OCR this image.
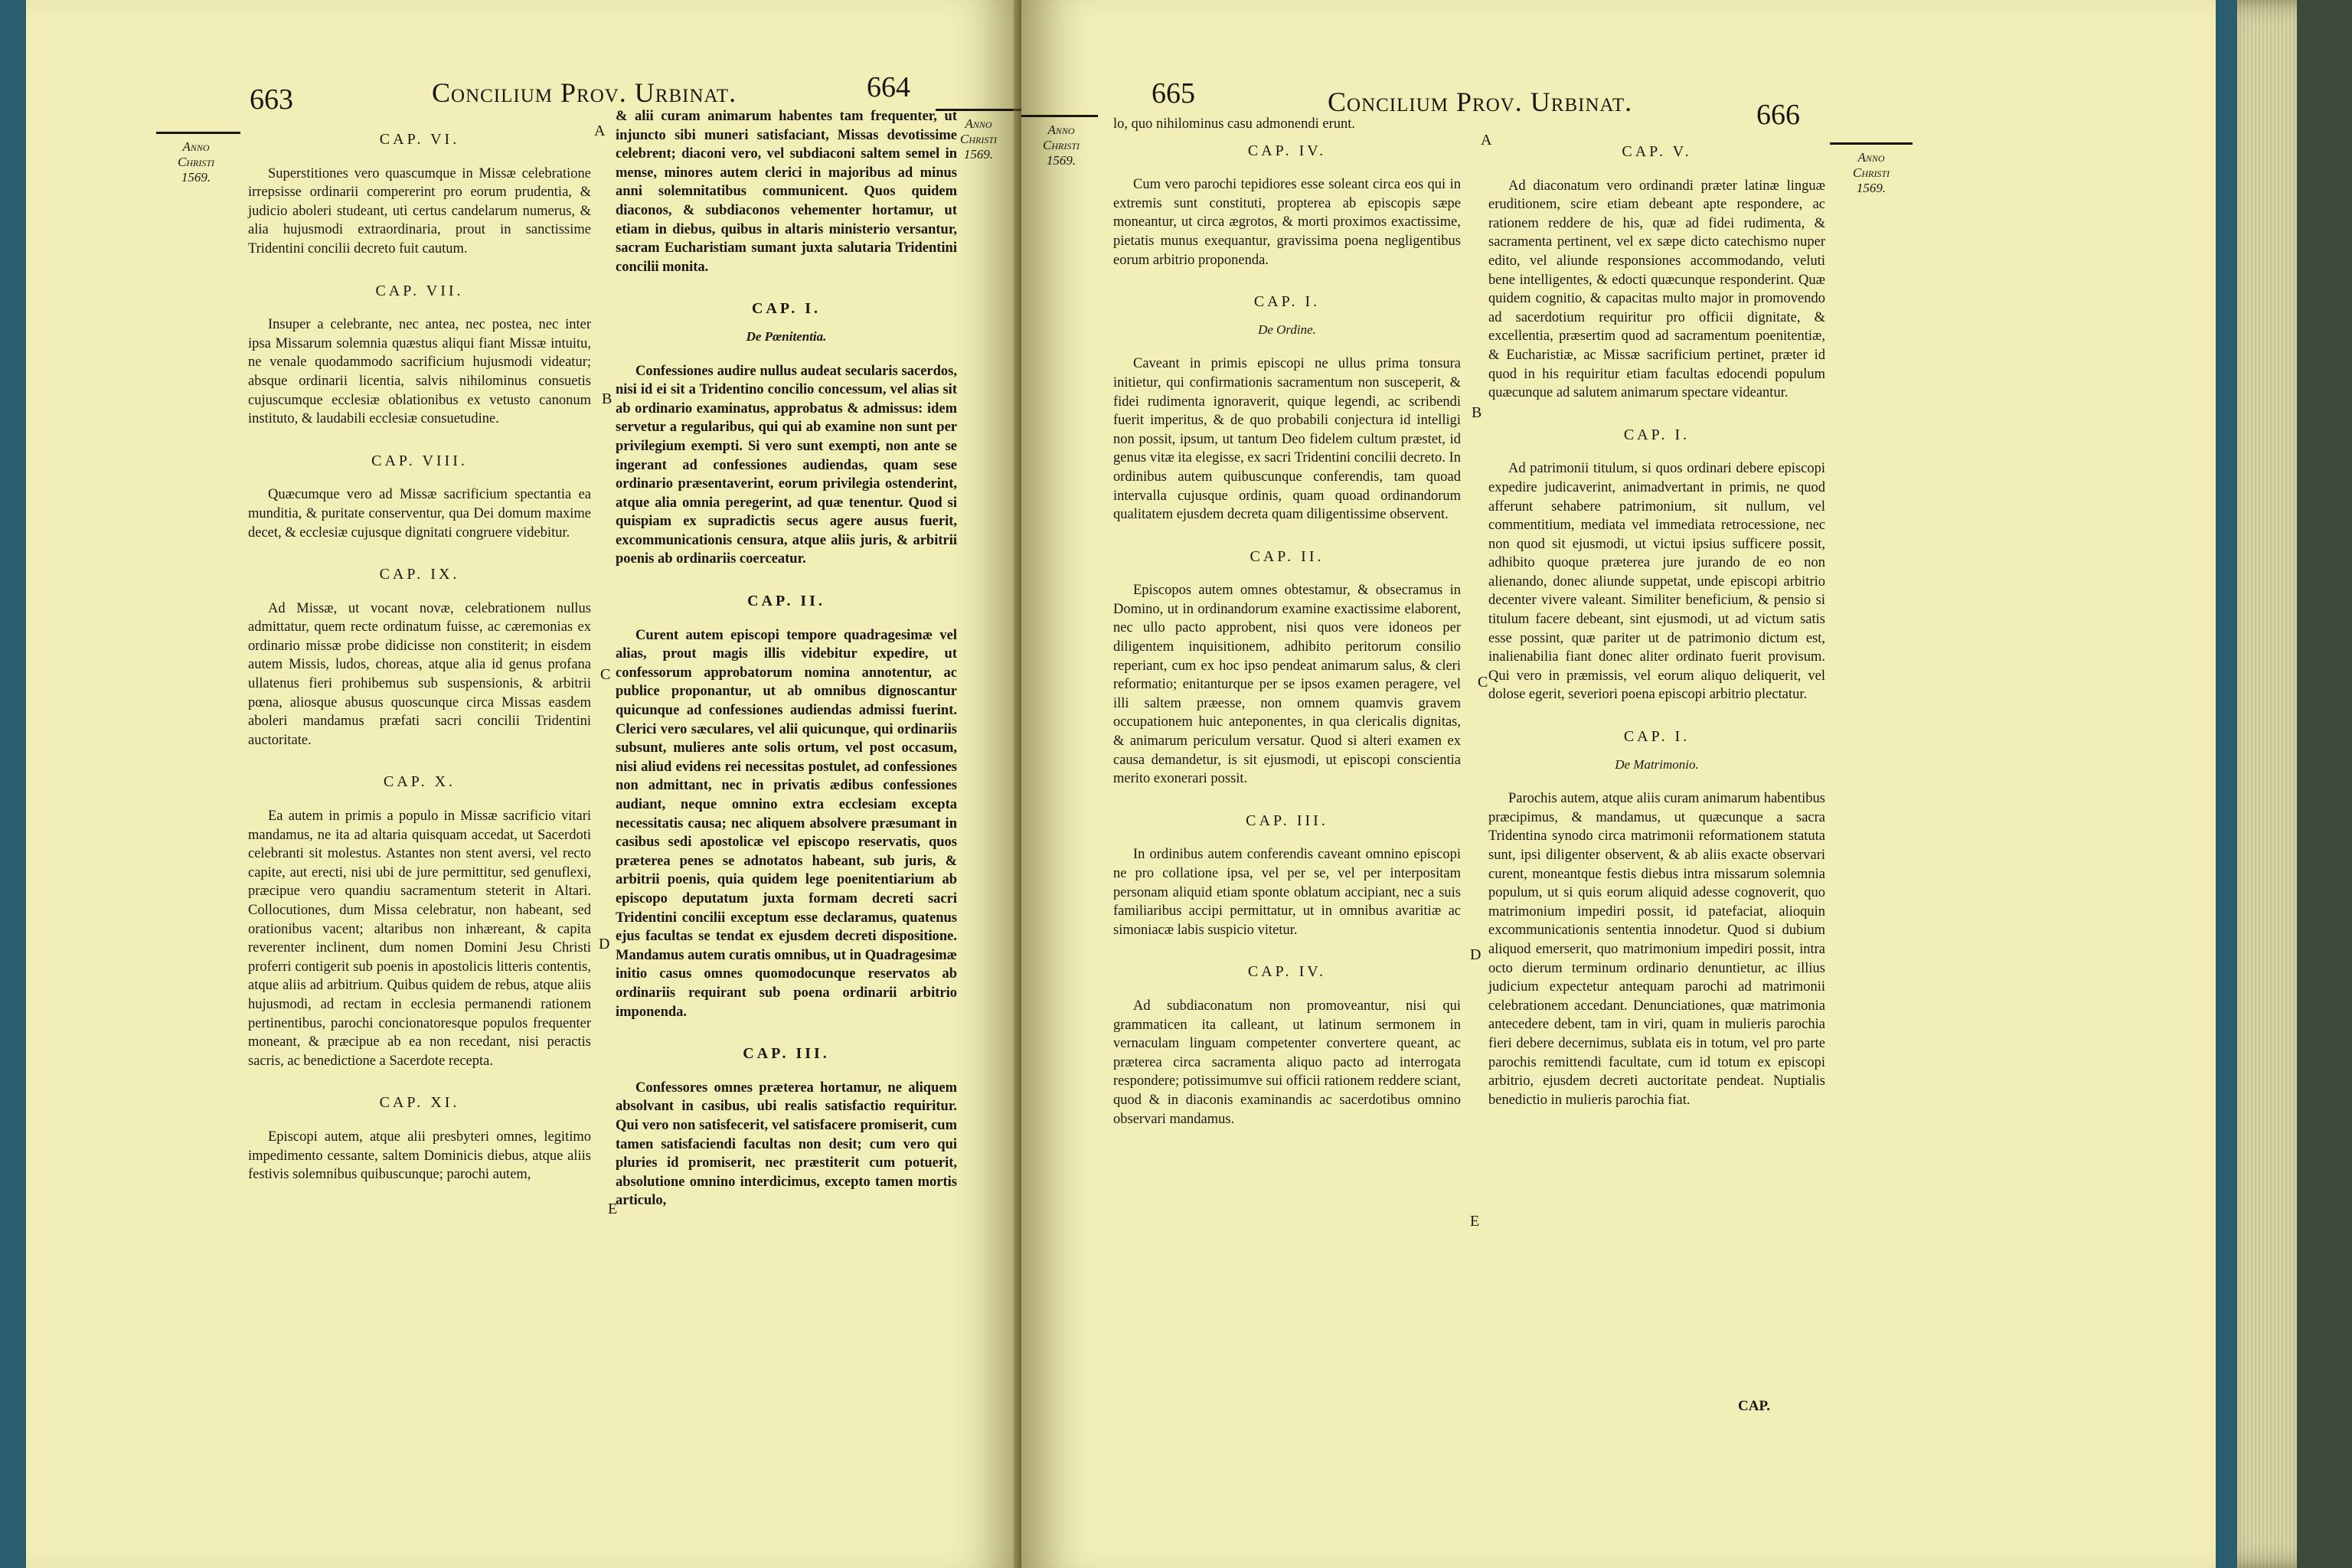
663	Concilium Prov. Urbinat.	664
Anno
Christi
1569.
Anno
Christi
1569.
A
B
C
D
E

CAP. VI.

Superstitiones vero quascumque in Missæ celebratione irrepsisse ordinarii compererint pro eorum prudentia, & judicio aboleri studeant, uti certus candelarum numerus, & alia hujusmodi extraordinaria, prout in sanctissime Tridentini concilii decreto fuit cautum.

CAP. VII.

Insuper a celebrante, nec antea, nec postea, nec inter ipsa Missarum solemnia quæstus aliqui fiant Missæ intuitu, ne venale quodammodo sacrificium hujusmodi videatur; absque ordinarii licentia, salvis nihilominus consuetis cujuscumque ecclesiæ oblationibus ex vetusto canonum instituto, & laudabili ecclesiæ consuetudine.

CAP. VIII.

Quæcumque vero ad Missæ sacrificium spectantia ea munditia, & puritate conserventur, qua Dei domum maxime decet, & ecclesiæ cujusque dignitati congruere videbitur.

CAP. IX.

Ad Missæ, ut vocant novæ, celebrationem nullus admittatur, quem recte ordinatum fuisse, ac cæremonias ex ordinario missæ probe didicisse non constiterit; in eisdem autem Missis, ludos, choreas, atque alia id genus profana ullatenus fieri prohibemus sub suspensionis, & arbitrii pœna, aliosque abusus quoscunque circa Missas easdem aboleri mandamus præfati sacri concilii Tridentini auctoritate.

CAP. X.

Ea autem in primis a populo in Missæ sacrificio vitari mandamus, ne ita ad altaria quisquam accedat, ut Sacerdoti celebranti sit molestus. Astantes non stent aversi, vel recto capite, aut erecti, nisi ubi de jure permittitur, sed genuflexi, præcipue vero quandiu sacramentum steterit in Altari. Collocutiones, dum Missa celebratur, non habeant, sed orationibus vacent; altaribus non inhæreant, & capita reverenter inclinent, dum nomen Domini Jesu Christi proferri contigerit sub poenis in apostolicis litteris contentis, atque aliis ad arbitrium. Quibus quidem de rebus, atque aliis hujusmodi, ad rectam in ecclesia permanendi rationem pertinentibus, parochi concionatoresque populos frequenter moneant, & præcipue ab ea non recedant, nisi peractis sacris, ac benedictione a Sacerdote recepta.

CAP. XI.

Episcopi autem, atque alii presbyteri omnes, legitimo impedimento cessante, saltem Dominicis diebus, atque aliis festivis solemnibus quibuscunque; parochi autem,

& alii curam animarum habentes tam frequenter, ut injuncto sibi muneri satisfaciant, Missas devotissime celebrent; diaconi vero, vel subdiaconi saltem semel in mense, minores autem clerici in majoribus ad minus anni solemnitatibus communicent. Quos quidem diaconos, & subdiaconos vehementer hortamur, ut etiam in diebus, quibus in altaris ministerio versantur, sacram Eucharistiam sumant juxta salutaria Tridentini concilii monita.

CAP. I.

De Pœnitentia.

Confessiones audire nullus audeat secularis sacerdos, nisi id ei sit a Tridentino concilio concessum, vel alias sit ab ordinario examinatus, approbatus & admissus: idem servetur a regularibus, qui qui ab examine non sunt per privilegium exempti. Si vero sunt exempti, non ante se ingerant ad confessiones audiendas, quam sese ordinario præsentaverint, eorum privilegia ostenderint, atque alia omnia peregerint, ad quæ tenentur. Quod si quispiam ex supradictis secus agere ausus fuerit, excommunicationis censura, atque aliis juris, & arbitrii poenis ab ordinariis coerceatur.

CAP. II.

Curent autem episcopi tempore quadragesimæ vel alias, prout magis illis videbitur expedire, ut confessorum approbatorum nomina annotentur, ac publice proponantur, ut ab omnibus dignoscantur quicunque ad confessiones audiendas admissi fuerint. Clerici vero sæculares, vel alii quicunque, qui ordinariis subsunt, mulieres ante solis ortum, vel post occasum, nisi aliud evidens rei necessitas postulet, ad confessiones non admittant, nec in privatis ædibus confessiones audiant, neque omnino extra ecclesiam excepta necessitatis causa; nec aliquem absolvere præsumant in casibus sedi apostolicæ vel episcopo reservatis, quos præterea penes se adnotatos habeant, sub juris, & arbitrii poenis, quia quidem lege poenitentiarium ab episcopo deputatum juxta formam decreti sacri Tridentini concilii exceptum esse declaramus, quatenus ejus facultas se tendat ex ejusdem decreti dispositione. Mandamus autem curatis omnibus, ut in Quadragesimæ initio casus omnes quomodocunque reservatos ab ordinariis requirant sub poena ordinarii arbitrio imponenda.

CAP. III.

Confessores omnes præterea hortamur, ne aliquem absolvant in casibus, ubi realis satisfactio requiritur. Qui vero non satisfecerit, vel satisfacere promiserit, cum tamen satisfaciendi facultas non desit; cum vero qui pluries id promiserit, nec præstiterit cum potuerit, absolutione omnino interdicimus, excepto tamen mortis articulo,

665	Concilium Prov. Urbinat.	666
Anno
Christi
1569.	Anno
Christi
1569.
A
B
C
D
E

lo, quo nihilominus casu admonendi erunt.

CAP. IV.

Cum vero parochi tepidiores esse soleant circa eos qui in extremis sunt constituti, propterea ab episcopis sæpe moneantur, ut circa ægrotos, & morti proximos exactissime, pietatis munus exequantur, gravissima poena negligentibus eorum arbitrio proponenda.

CAP. I.

De Ordine.

Caveant in primis episcopi ne ullus prima tonsura initietur, qui confirmationis sacramentum non susceperit, & fidei rudimenta ignoraverit, quique legendi, ac scribendi fuerit imperitus, & de quo probabili conjectura id intelligi non possit, ipsum, ut tantum Deo fidelem cultum præstet, id genus vitæ ita elegisse, ex sacri Tridentini concilii decreto. In ordinibus autem quibuscunque conferendis, tam quoad intervalla cujusque ordinis, quam quoad ordinandorum qualitatem ejusdem decreta quam diligentissime observent.

CAP. II.

Episcopos autem omnes obtestamur, & obsecramus in Domino, ut in ordinandorum examine exactissime elaborent, nec ullo pacto approbent, nisi quos vere idoneos per diligentem inquisitionem, adhibito peritorum consilio reperiant, cum ex hoc ipso pendeat animarum salus, & cleri reformatio; enitanturque per se ipsos examen peragere, vel illi saltem præesse, non omnem quamvis gravem occupationem huic anteponentes, in qua clericalis dignitas, & animarum periculum versatur. Quod si alteri examen ex causa demandetur, is sit ejusmodi, ut episcopi conscientia merito exonerari possit.

CAP. III.

In ordinibus autem conferendis caveant omnino episcopi ne pro collatione ipsa, vel per se, vel per interpositam personam aliquid etiam sponte oblatum accipiant, nec a suis familiaribus accipi permittatur, ut in omnibus avaritiæ ac simoniacæ labis suspicio vitetur.

CAP. IV.

Ad subdiaconatum non promoveantur, nisi qui grammaticen ita calleant, ut latinum sermonem in vernaculam linguam competenter convertere queant, ac præterea circa sacramenta aliquo pacto ad interrogata respondere; potissimumve sui officii rationem reddere sciant, quod & in diaconis examinandis ac sacerdotibus omnino observari mandamus.

CAP. V.

Ad diaconatum vero ordinandi præter latinæ linguæ eruditionem, scire etiam debeant apte respondere, ac rationem reddere de his, quæ ad fidei rudimenta, & sacramenta pertinent, vel ex sæpe dicto catechismo nuper edito, vel aliunde responsiones accommodando, veluti bene intelligentes, & edocti quæcunque responderint. Quæ quidem cognitio, & capacitas multo major in promovendo ad sacerdotium requiritur pro officii dignitate, & excellentia, præsertim quod ad sacramentum poenitentiæ, & Eucharistiæ, ac Missæ sacrificium pertinet, præter id quod in his requiritur etiam facultas edocendi populum quæcunque ad salutem animarum spectare videantur.

CAP. I.

Ad patrimonii titulum, si quos ordinari debere episcopi expedire judicaverint, animadvertant in primis, ne quod afferunt sehabere patrimonium, sit nullum, vel commentitium, mediata vel immediata retrocessione, nec non quod sit ejusmodi, ut victui ipsius sufficere possit, adhibito quoque præterea jure jurando de eo non alienando, donec aliunde suppetat, unde episcopi arbitrio decenter vivere valeant. Similiter beneficium, & pensio si titulum facere debeant, sint ejusmodi, ut ad victum satis esse possint, quæ pariter ut de patrimonio dictum est, inalienabilia fiant donec aliter ordinato fuerit provisum. Qui vero in præmissis, vel eorum aliquo deliquerit, vel dolose egerit, severiori poena episcopi arbitrio plectatur.

CAP. I.

De Matrimonio.

Parochis autem, atque aliis curam animarum habentibus præcipimus, & mandamus, ut quæcunque a sacra Tridentina synodo circa matrimonii reformationem statuta sunt, ipsi diligenter observent, & ab aliis exacte observari curent, moneantque festis diebus intra missarum solemnia populum, ut si quis eorum aliquid adesse cognoverit, quo matrimonium impediri possit, id patefaciat, alioquin excommunicationis sententia innodetur. Quod si dubium aliquod emerserit, quo matrimonium impediri possit, intra octo dierum terminum ordinario denuntietur, ac illius judicium expectetur antequam parochi ad matrimonii celebrationem accedant. Denunciationes, quæ matrimonia antecedere debent, tam in viri, quam in mulieris parochia fieri debere decernimus, sublata eis in totum, vel pro parte parochis remittendi facultate, cum id totum ex episcopi arbitrio, ejusdem decreti auctoritate pendeat. Nuptialis benedictio in mulieris parochia fiat.

CAP.
